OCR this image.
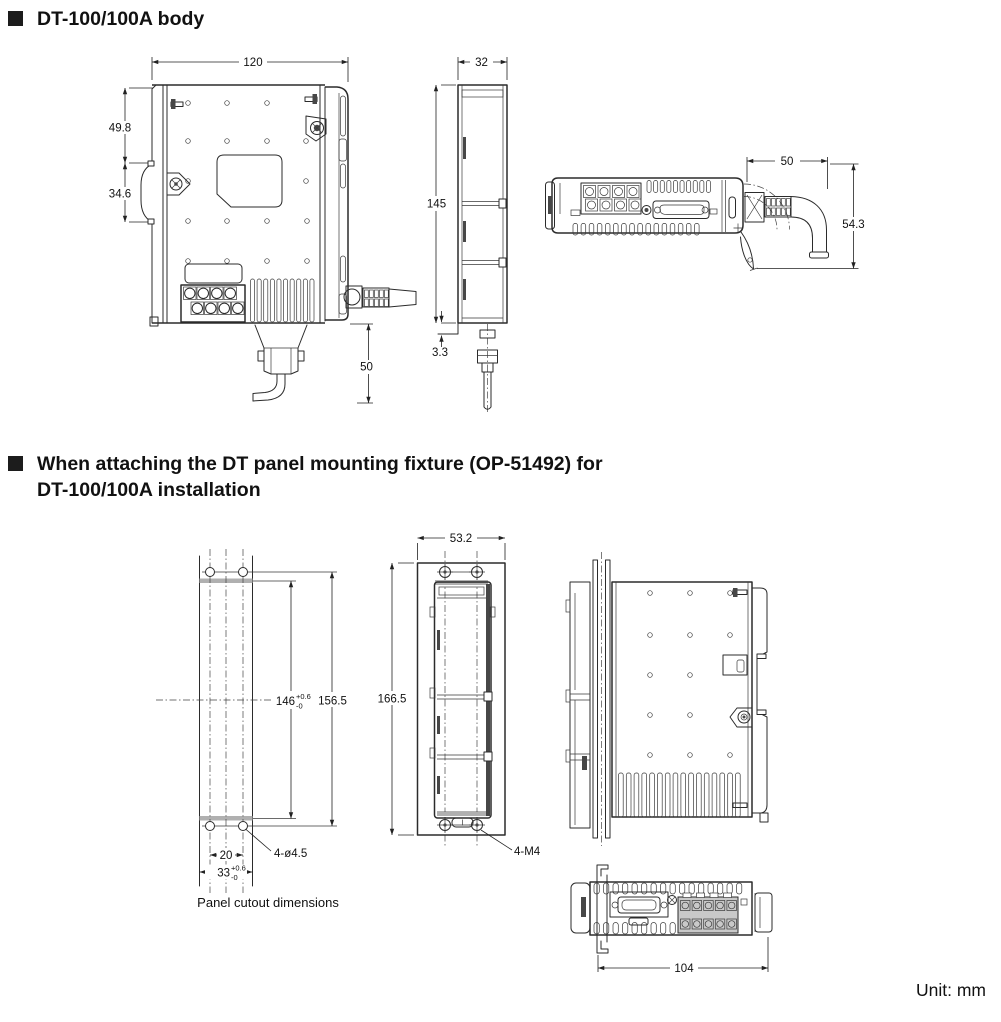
DT-100/100A body
When attaching the DT panel mounting fixture (OP-51492) for
DT-100/100A installation
120
49.8
34.6
50
32
145
3.3
50
54.3
146 +0.6
-0 156.5
20
33 +0.6
-0
4-ø4.5
Panel cutout dimensions
53.2
166.5
4-M4
104
Unit: mm
